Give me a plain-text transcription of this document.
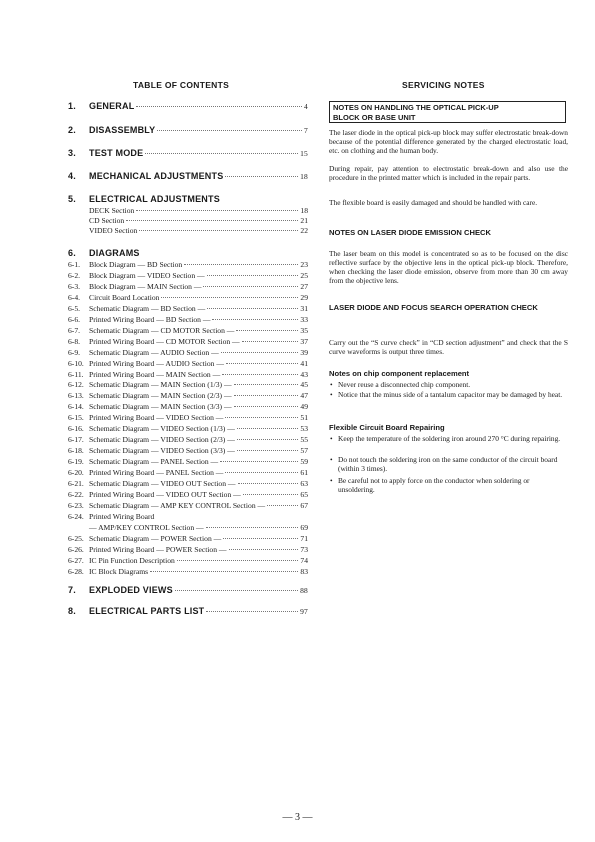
TABLE OF CONTENTS
1.	GENERAL	4
2.	DISASSEMBLY	7
3.	TEST MODE	15
4.	MECHANICAL ADJUSTMENTS	18
5.	ELECTRICAL ADJUSTMENTS
DECK Section	18
CD Section	21
VIDEO Section	22
6.	DIAGRAMS
6-1.	Block Diagram — BD Section	23
6-2.	Block Diagram — VIDEO Section —	25
6-3.	Block Diagram — MAIN Section —	27
6-4.	Circuit Board Location	29
6-5.	Schematic Diagram — BD Section —	31
6-6.	Printed Wiring Board — BD Section —	33
6-7.	Schematic Diagram — CD MOTOR Section —	35
6-8.	Printed Wiring Board — CD MOTOR Section —	37
6-9.	Schematic Diagram — AUDIO Section —	39
6-10. Printed Wiring Board — AUDIO Section —	41
6-11. Printed Wiring Board — MAIN Section —	43
6-12. Schematic Diagram — MAIN Section (1/3) —	45
6-13. Schematic Diagram — MAIN Section (2/3) —	47
6-14. Schematic Diagram — MAIN Section (3/3) —	49
6-15. Printed Wiring Board — VIDEO Section —	51
6-16. Schematic Diagram — VIDEO Section (1/3) —	53
6-17. Schematic Diagram — VIDEO Section (2/3) —	55
6-18. Schematic Diagram — VIDEO Section (3/3) —	57
6-19. Schematic Diagram — PANEL Section —	59
6-20. Printed Wiring Board — PANEL Section —	61
6-21. Schematic Diagram — VIDEO OUT Section —	63
6-22. Printed Wiring Board — VIDEO OUT Section —	65
6-23. Schematic Diagram — AMP KEY CONTROL Section —	67
6-24. Printed Wiring Board
— AMP/KEY CONTROL Section —	69
6-25. Schematic Diagram — POWER Section —	71
6-26. Printed Wiring Board — POWER Section —	73
6-27. IC Pin Function Description	74
6-28. IC Block Diagrams	83
7.	EXPLODED VIEWS	88
8.	ELECTRICAL PARTS LIST	97
SERVICING NOTES
NOTES ON HANDLING THE OPTICAL PICK-UP
BLOCK OR BASE UNIT
The laser diode in the optical pick-up block may suffer electrostatic break-down because of the potential difference generated by the charged electrostatic load, etc. on clothing and the human body.
During repair, pay attention to electrostatic break-down and also use the procedure in the printed matter which is included in the repair parts.
The flexible board is easily damaged and should be handled with care.
NOTES ON LASER DIODE EMISSION CHECK
The laser beam on this model is concentrated so as to be focused on the disc reflective surface by the objective lens in the optical pick-up block. Therefore, when checking the laser diode emission, observe from more than 30 cm away from the objective lens.
LASER DIODE AND FOCUS SEARCH OPERATION CHECK
Carry out the “S curve check” in “CD section adjustment” and check that the S curve waveforms is output three times.
Notes on chip component replacement
• Never reuse a disconnected chip component.
• Notice that the minus side of a tantalum capacitor may be damaged by heat.
Flexible Circuit Board Repairing
• Keep the temperature of the soldering iron around 270 °C during repairing.
• Do not touch the soldering iron on the same conductor of the circuit board (within 3 times).
• Be careful not to apply force on the conductor when soldering or unsoldering.
— 3 —
